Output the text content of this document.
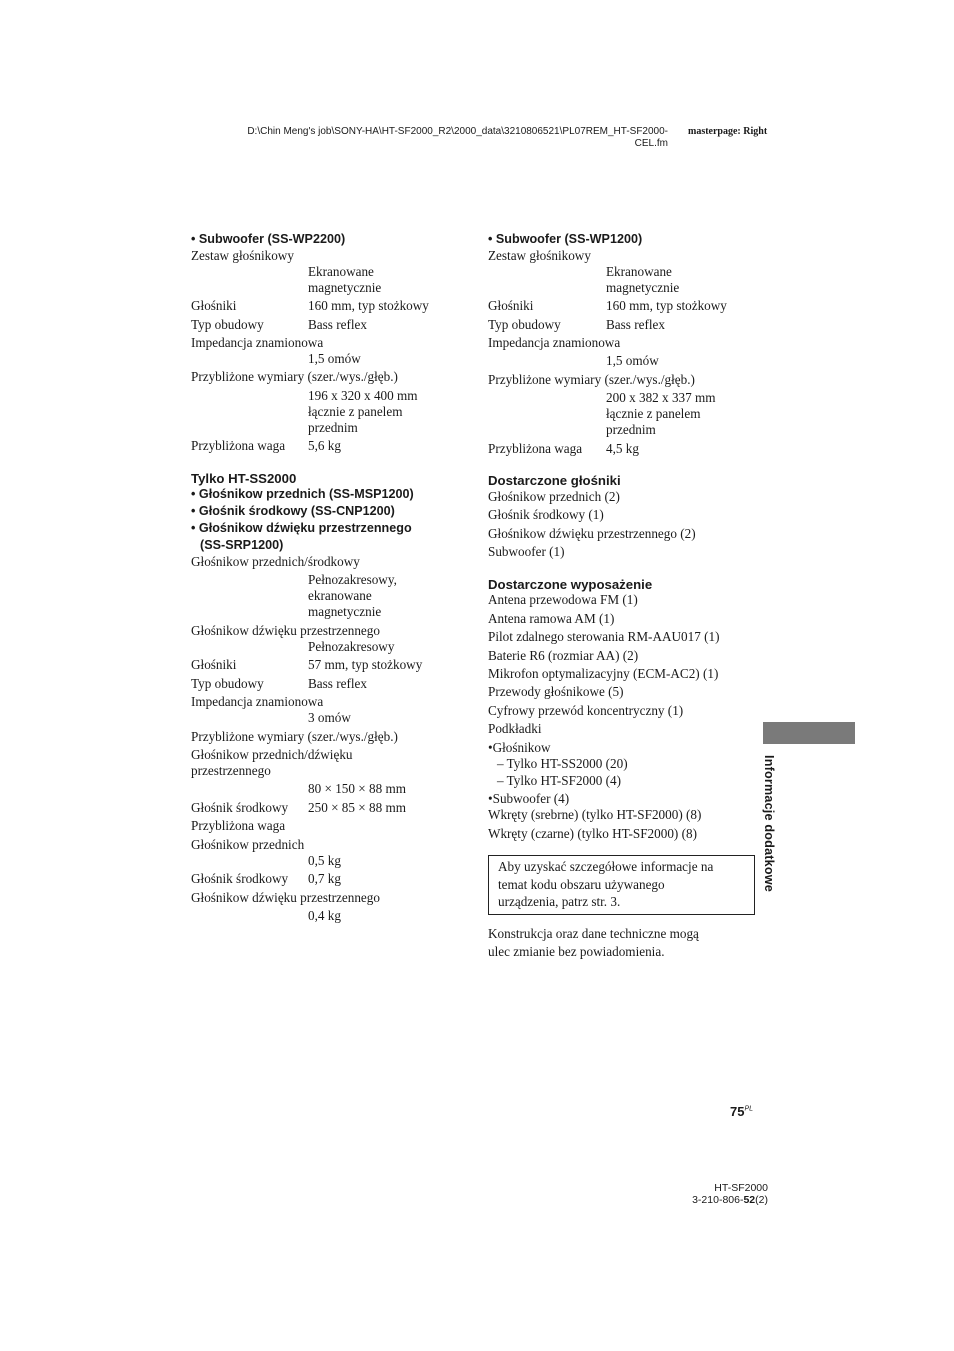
D:\Chin Meng's job\SONY-HA\HT-SF2000_R2\2000_data\3210806521\PL07REM_HT-SF2000-
CEL.fm
masterpage: Right
• Subwoofer (SS-WP2200)
Zestaw głośnikowy
Ekranowane
magnetycznie
Głośniki	160 mm, typ stożkowy
Typ obudowy	Bass reflex
Impedancja znamionowa
1,5 omów
Przybliżone wymiary (szer./wys./głęb.)
196 x 320 x 400 mm
łącznie z panelem
przednim
Przybliżona waga 5,6 kg
Tylko HT-SS2000
• Głośnikow przednich (SS-MSP1200)
• Głośnik środkowy (SS-CNP1200)
• Głośnikow dźwięku przestrzennego
(SS-SRP1200)
Głośnikow przednich/środkowy
Pełnozakresowy,
ekranowane
magnetycznie
Głośnikow dźwięku przestrzennego
Pełnozakresowy
Głośniki	57 mm, typ stożkowy
Typ obudowy	Bass reflex
Impedancja znamionowa
3 omów
Przybliżone wymiary (szer./wys./głęb.)
Głośnikow przednich/dźwięku
przestrzennego
80 × 150 × 88 mm
Głośnik środkowy 250 × 85 × 88 mm
Przybliżona waga
Głośnikow przednich
0,5 kg
Głośnik środkowy 0,7 kg
Głośnikow dźwięku przestrzennego
0,4 kg
• Subwoofer (SS-WP1200)
Zestaw głośnikowy
Ekranowane
magnetycznie
Głośniki	160 mm, typ stożkowy
Typ obudowy	Bass reflex
Impedancja znamionowa
1,5 omów
Przybliżone wymiary (szer./wys./głęb.)
200 x 382 x 337 mm
łącznie z panelem
przednim
Przybliżona waga 4,5 kg
Dostarczone głośniki
Głośnikow przednich (2)
Głośnik środkowy (1)
Głośnikow dźwięku przestrzennego (2)
Subwoofer (1)
Dostarczone wyposażenie
Antena przewodowa FM (1)
Antena ramowa AM (1)
Pilot zdalnego sterowania RM-AAU017 (1)
Baterie R6 (rozmiar AA) (2)
Mikrofon optymalizacyjny (ECM-AC2) (1)
Przewody głośnikowe (5)
Cyfrowy przewód koncentryczny (1)
Podkładki
•Głośnikow
– Tylko HT-SS2000 (20)
– Tylko HT-SF2000 (4)
•Subwoofer (4)
Wkręty (srebrne) (tylko HT-SF2000) (8)
Wkręty (czarne) (tylko HT-SF2000) (8)
Aby uzyskać szczegółowe informacje na
temat kodu obszaru używanego
urządzenia, patrz str. 3.
Konstrukcja oraz dane techniczne mogą
ulec zmianie bez powiadomienia.
Informacje dodatkowe
$75^{PL}$
HT-SF2000
3-210-806-52(2)
